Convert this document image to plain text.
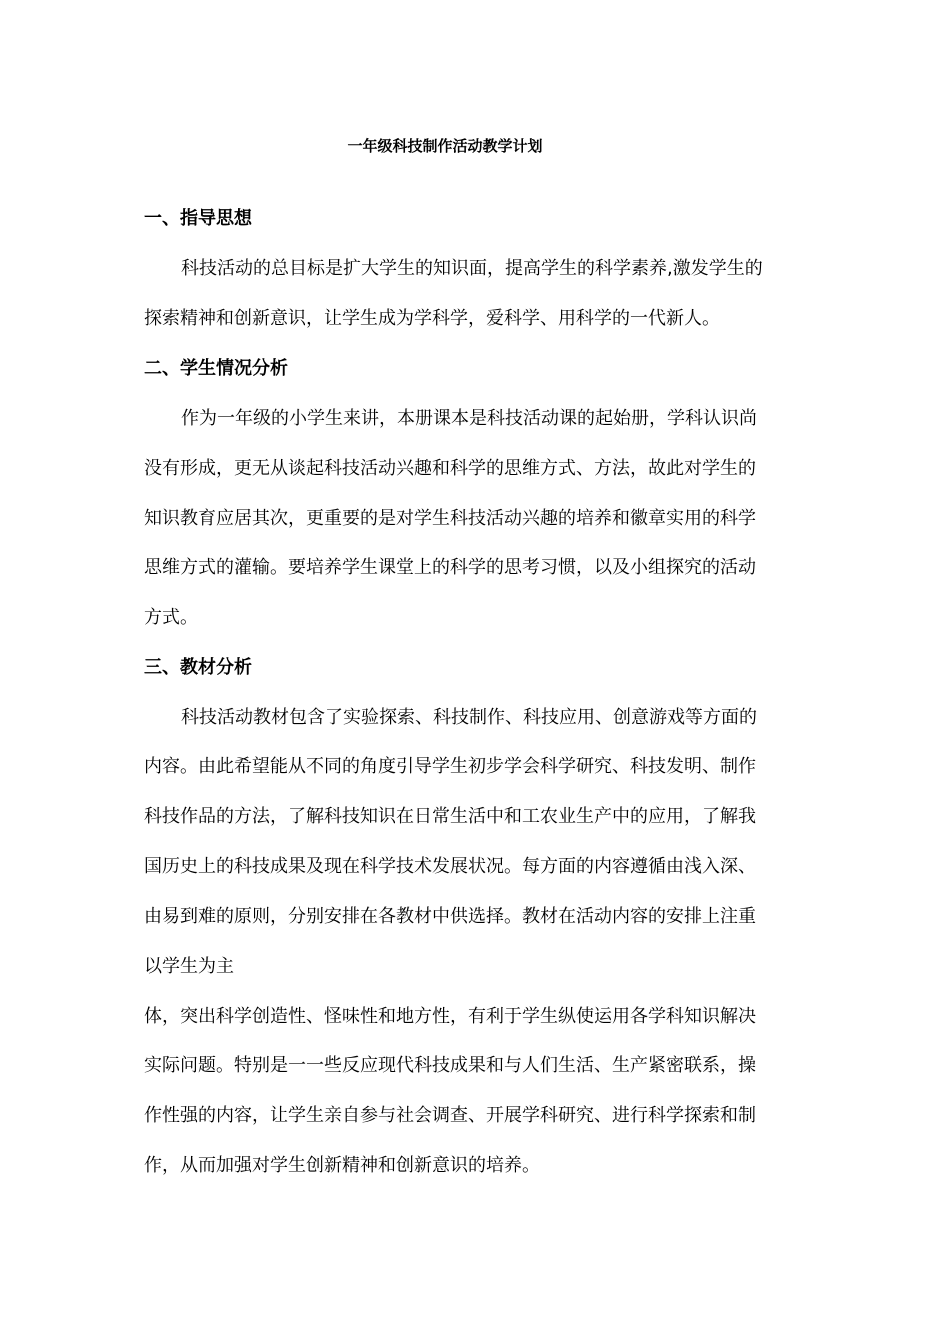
一年级科技制作活动教学计划
一、指导思想
科技活动的总目标是扩大学生的知识面，提高学生的科学素养,激发学生的
探索精神和创新意识，让学生成为学科学，爱科学、用科学的一代新人。
二、学生情况分析
作为一年级的小学生来讲，本册课本是科技活动课的起始册，学科认识尚
没有形成，更无从谈起科技活动兴趣和科学的思维方式、方法，故此对学生的
知识教育应居其次，更重要的是对学生科技活动兴趣的培养和徽章实用的科学
思维方式的灌输。要培养学生课堂上的科学的思考习惯，以及小组探究的活动
方式。
三、教材分析
科技活动教材包含了实验探索、科技制作、科技应用、创意游戏等方面的
内容。由此希望能从不同的角度引导学生初步学会科学研究、科技发明、制作
科技作品的方法，了解科技知识在日常生活中和工农业生产中的应用，了解我
国历史上的科技成果及现在科学技术发展状况。每方面的内容遵循由浅入深、
由易到难的原则，分别安排在各教材中供选择。教材在活动内容的安排上注重
以学生为主
体，突出科学创造性、怪味性和地方性，有利于学生纵使运用各学科知识解决
实际问题。特别是一一些反应现代科技成果和与人们生活、生产紧密联系，操
作性强的内容，让学生亲自参与社会调查、开展学科研究、进行科学探索和制
作，从而加强对学生创新精神和创新意识的培养。
